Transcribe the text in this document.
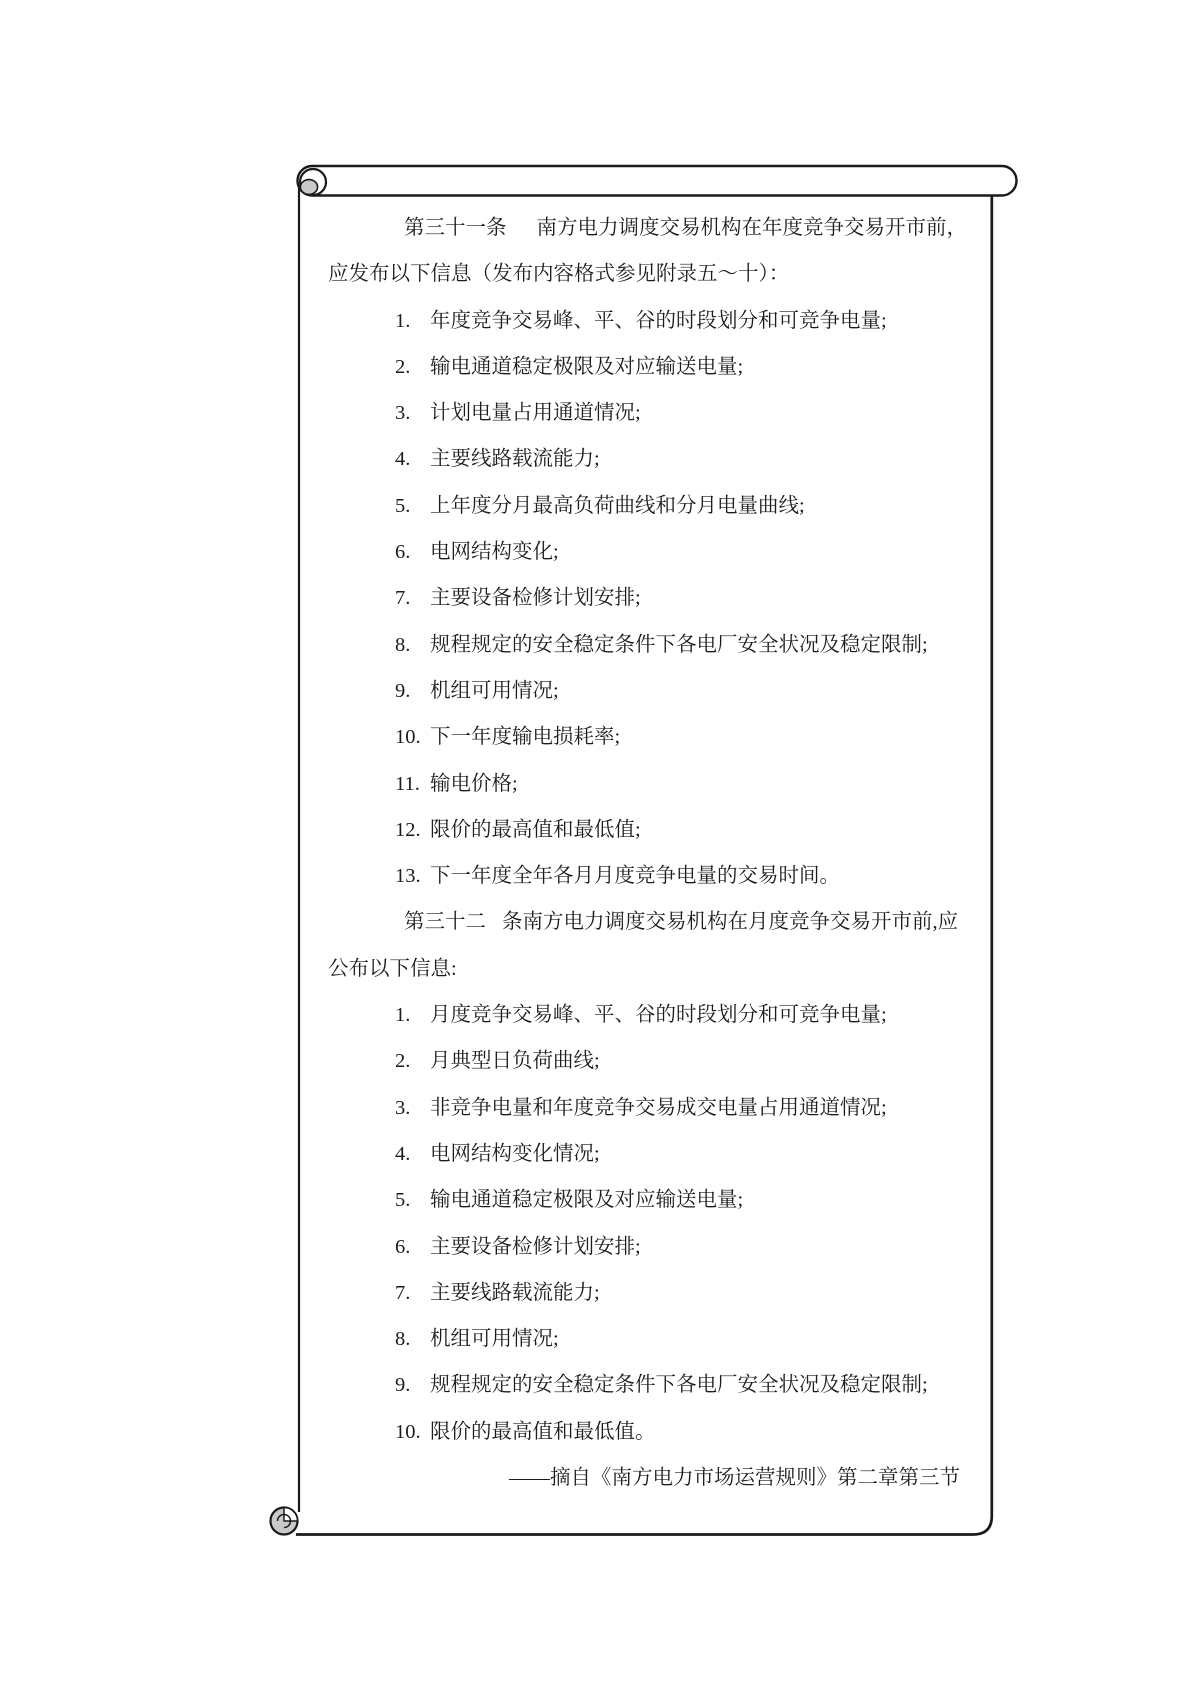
第三十一条 南方电力调度交易机构在年度竞争交易开市前，
应发布以下信息（发布内容格式参见附录五～十）：
1. 年度竞争交易峰、平、谷的时段划分和可竞争电量;
2. 输电通道稳定极限及对应输送电量;
3. 计划电量占用通道情况;
4. 主要线路载流能力;
5. 上年度分月最高负荷曲线和分月电量曲线;
6. 电网结构变化;
7. 主要设备检修计划安排;
8. 规程规定的安全稳定条件下各电厂安全状况及稳定限制;
9. 机组可用情况;
10. 下一年度输电损耗率;
11. 输电价格;
12. 限价的最高值和最低值;
13. 下一年度全年各月月度竞争电量的交易时间。
第三十二 条南方电力调度交易机构在月度竞争交易开市前,应
公布以下信息:
1. 月度竞争交易峰、平、谷的时段划分和可竞争电量;
2. 月典型日负荷曲线;
3. 非竞争电量和年度竞争交易成交电量占用通道情况;
4. 电网结构变化情况;
5. 输电通道稳定极限及对应输送电量;
6. 主要设备检修计划安排;
7. 主要线路载流能力;
8. 机组可用情况;
9. 规程规定的安全稳定条件下各电厂安全状况及稳定限制;
10. 限价的最高值和最低值。
——摘自《南方电力市场运营规则》第二章第三节
